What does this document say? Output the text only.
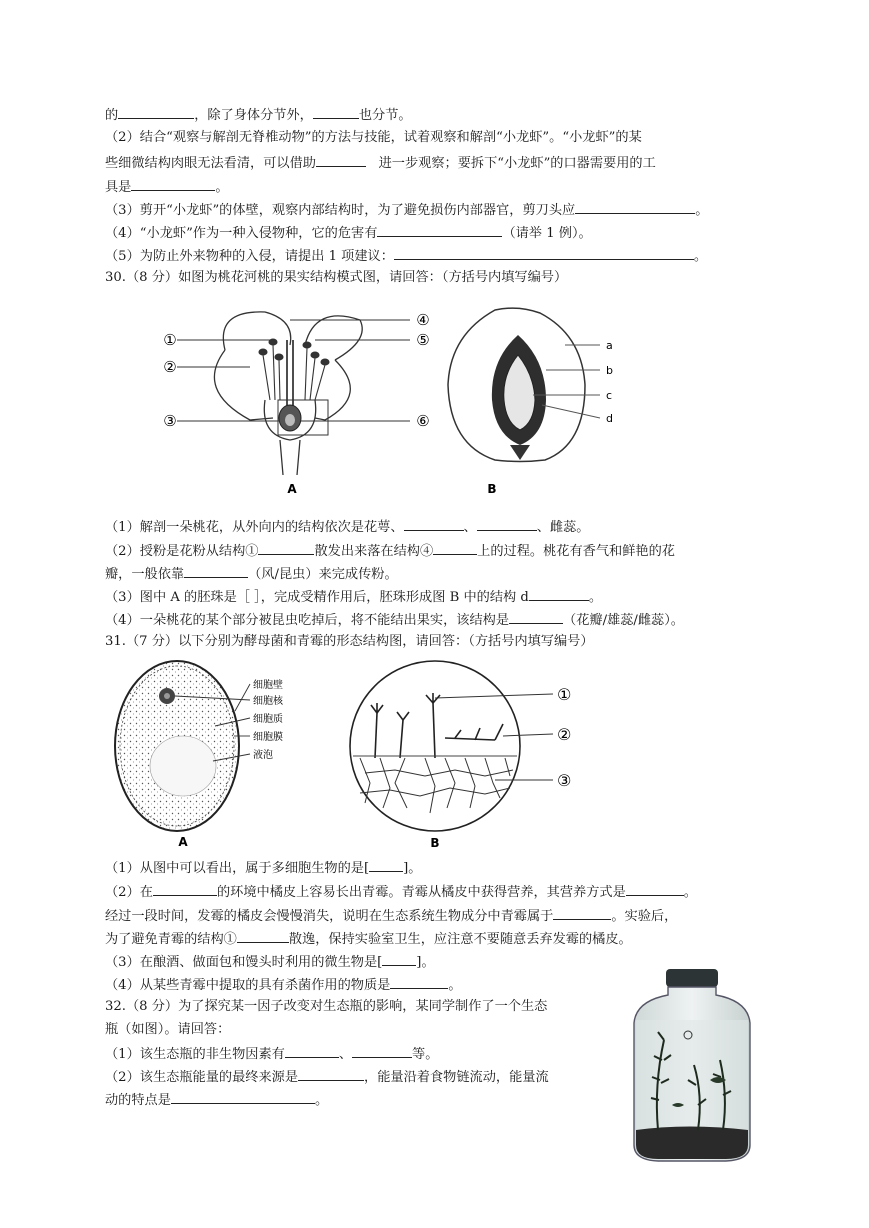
的	，除了身体分节外，	也分节。
（2）结合“观察与解剖无脊椎动物”的方法与技能，试着观察和解剖“小龙虾”。“小龙虾”的某
些细微结构肉眼无法看清，可以借助	进一步观察；要拆下“小龙虾”的口器需要用的工
具是	。
（3）剪开“小龙虾”的体壁，观察内部结构时，为了避免损伤内部器官，剪刀头应	。
（4）“小龙虾”作为一种入侵物种，它的危害有	（请举 1 例）。
（5）为防止外来物种的入侵，请提出 1 项建议：	。
30.（8 分）如图为桃花河桃的果实结构模式图，请回答：（方括号内填写编号）
①
②
③
④
⑤
⑥
A
a
b
c
d
B
（1）解剖一朵桃花，从外向内的结构依次是花萼、	、	、雌蕊。
（2）授粉是花粉从结构①	散发出来落在结构④	上的过程。桃花有香气和鲜艳的花
瓣，一般依靠	（风/昆虫）来完成传粉。
（3）图中 A 的胚珠是［ ］，完成受精作用后，胚珠形成图 B 中的结构 d	。
（4）一朵桃花的某个部分被昆虫吃掉后，将不能结出果实，该结构是	（花瓣/雄蕊/雌蕊）。
31.（7 分）以下分别为酵母菌和青霉的形态结构图，请回答：（方括号内填写编号）
细胞壁
细胞核
细胞质
细胞膜
液泡
A
①
②
③
B
（1）从图中可以看出，属于多细胞生物的是[	]。
（2）在	的环境中橘皮上容易长出青霉。青霉从橘皮中获得营养，其营养方式是	。
经过一段时间，发霉的橘皮会慢慢消失，说明在生态系统生物成分中青霉属于	。实验后，
为了避免青霉的结构①	散逸，保持实验室卫生，应注意不要随意丢弃发霉的橘皮。
（3）在酿酒、做面包和馒头时利用的微生物是[	]。
（4）从某些青霉中提取的具有杀菌作用的物质是	。
32.（8 分）为了探究某一因子改变对生态瓶的影响，某同学制作了一个生态
瓶（如图）。请回答：
（1）该生态瓶的非生物因素有	、	等。
（2）该生态瓶能量的最终来源是	，能量沿着食物链流动，能量流
动的特点是	。
